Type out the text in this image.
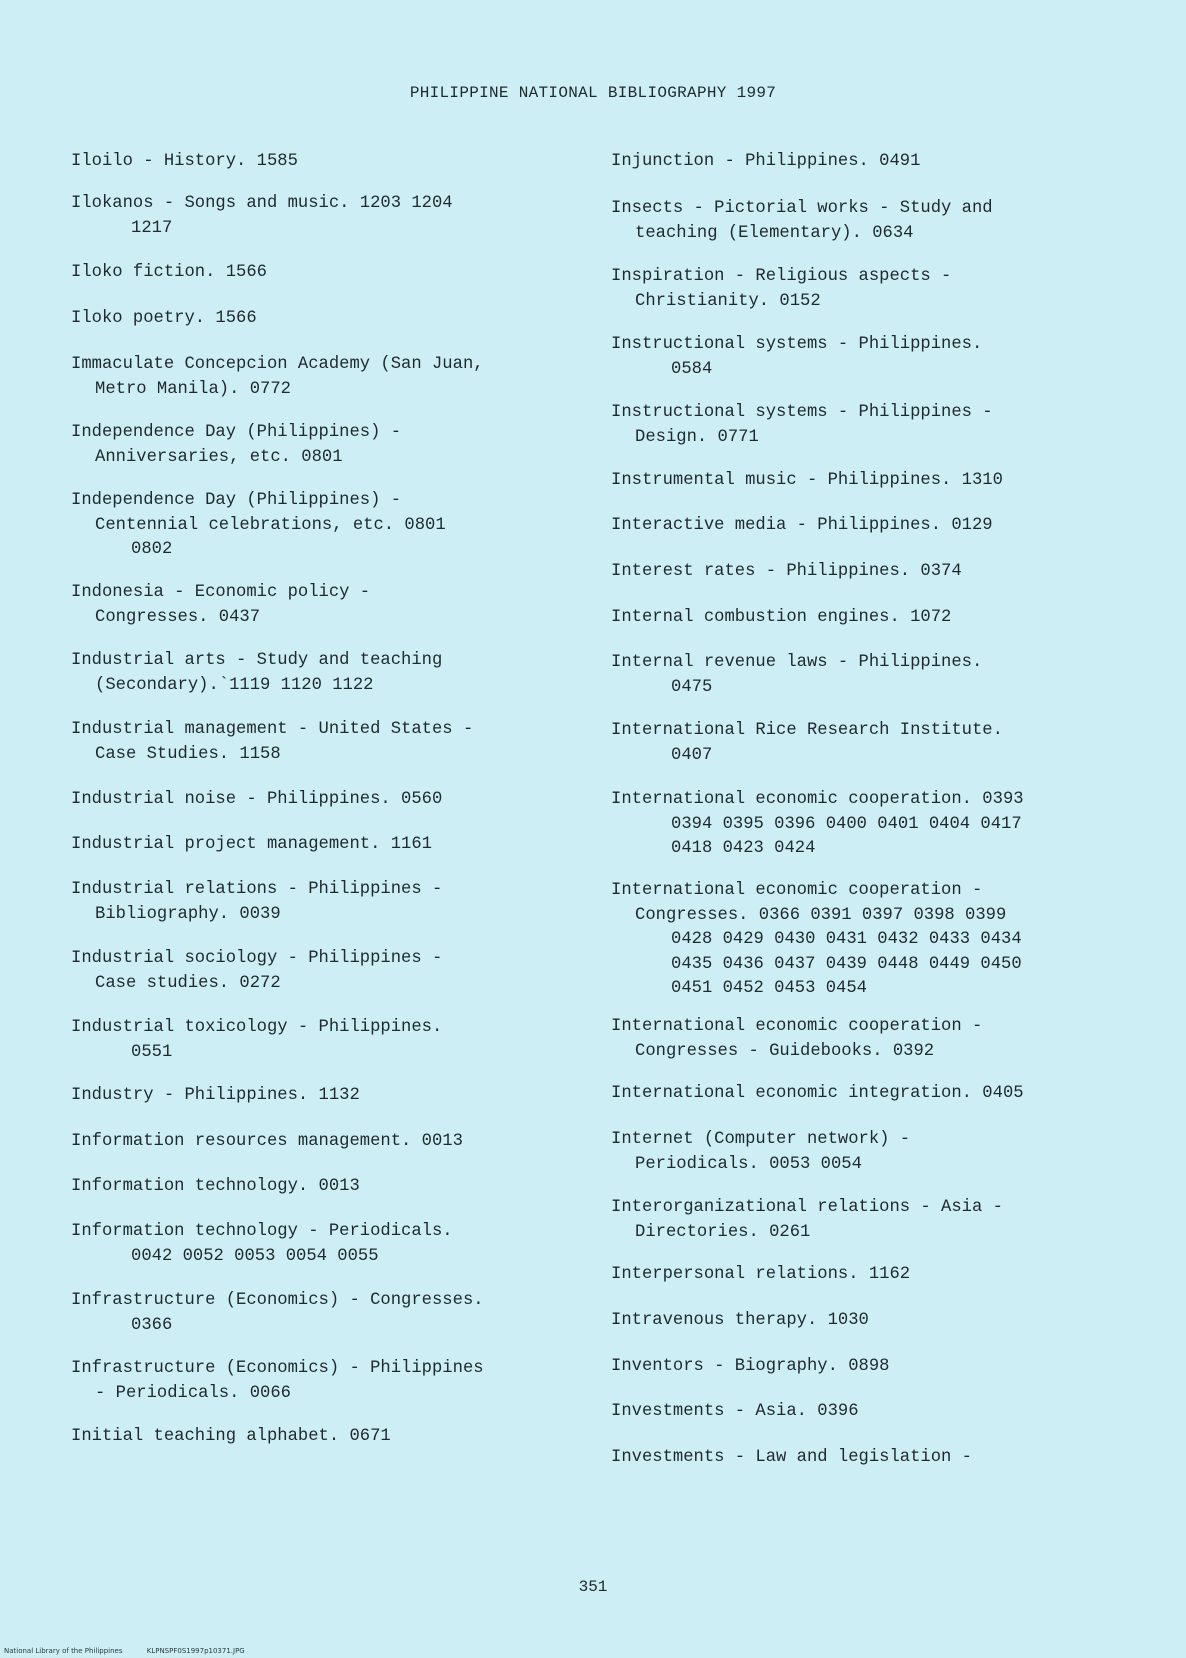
PHILIPPINE NATIONAL BIBLIOGRAPHY 1997
Iloilo - History. 1585
Ilokanos - Songs and music. 1203 1204
1217
Iloko fiction. 1566
Iloko poetry. 1566
Immaculate Concepcion Academy (San Juan,
Metro Manila). 0772
Independence Day (Philippines) -
Anniversaries, etc. 0801
Independence Day (Philippines) -
Centennial celebrations, etc. 0801
0802
Indonesia - Economic policy -
Congresses. 0437
Industrial arts - Study and teaching
(Secondary).`1119 1120 1122
Industrial management - United States -
Case Studies. 1158
Industrial noise - Philippines. 0560
Industrial project management. 1161
Industrial relations - Philippines -
Bibliography. 0039
Industrial sociology - Philippines -
Case studies. 0272
Industrial toxicology - Philippines.
0551
Industry - Philippines. 1132
Information resources management. 0013
Information technology. 0013
Information technology - Periodicals.
0042 0052 0053 0054 0055
Infrastructure (Economics) - Congresses.
0366
Infrastructure (Economics) - Philippines
- Periodicals. 0066
Initial teaching alphabet. 0671
Injunction - Philippines. 0491
Insects - Pictorial works - Study and
teaching (Elementary). 0634
Inspiration - Religious aspects -
Christianity. 0152
Instructional systems - Philippines.
0584
Instructional systems - Philippines -
Design. 0771
Instrumental music - Philippines. 1310
Interactive media - Philippines. 0129
Interest rates - Philippines. 0374
Internal combustion engines. 1072
Internal revenue laws - Philippines.
0475
International Rice Research Institute.
0407
International economic cooperation. 0393
0394 0395 0396 0400 0401 0404 0417
0418 0423 0424
International economic cooperation -
Congresses. 0366 0391 0397 0398 0399
0428 0429 0430 0431 0432 0433 0434
0435 0436 0437 0439 0448 0449 0450
0451 0452 0453 0454
International economic cooperation -
Congresses - Guidebooks. 0392
International economic integration. 0405
Internet (Computer network) -
Periodicals. 0053 0054
Interorganizational relations - Asia -
Directories. 0261
Interpersonal relations. 1162
Intravenous therapy. 1030
Inventors - Biography. 0898
Investments - Asia. 0396
Investments - Law and legislation -
351
National Library of the Philippines	KLPNSPF0S1997p10371.JPG
